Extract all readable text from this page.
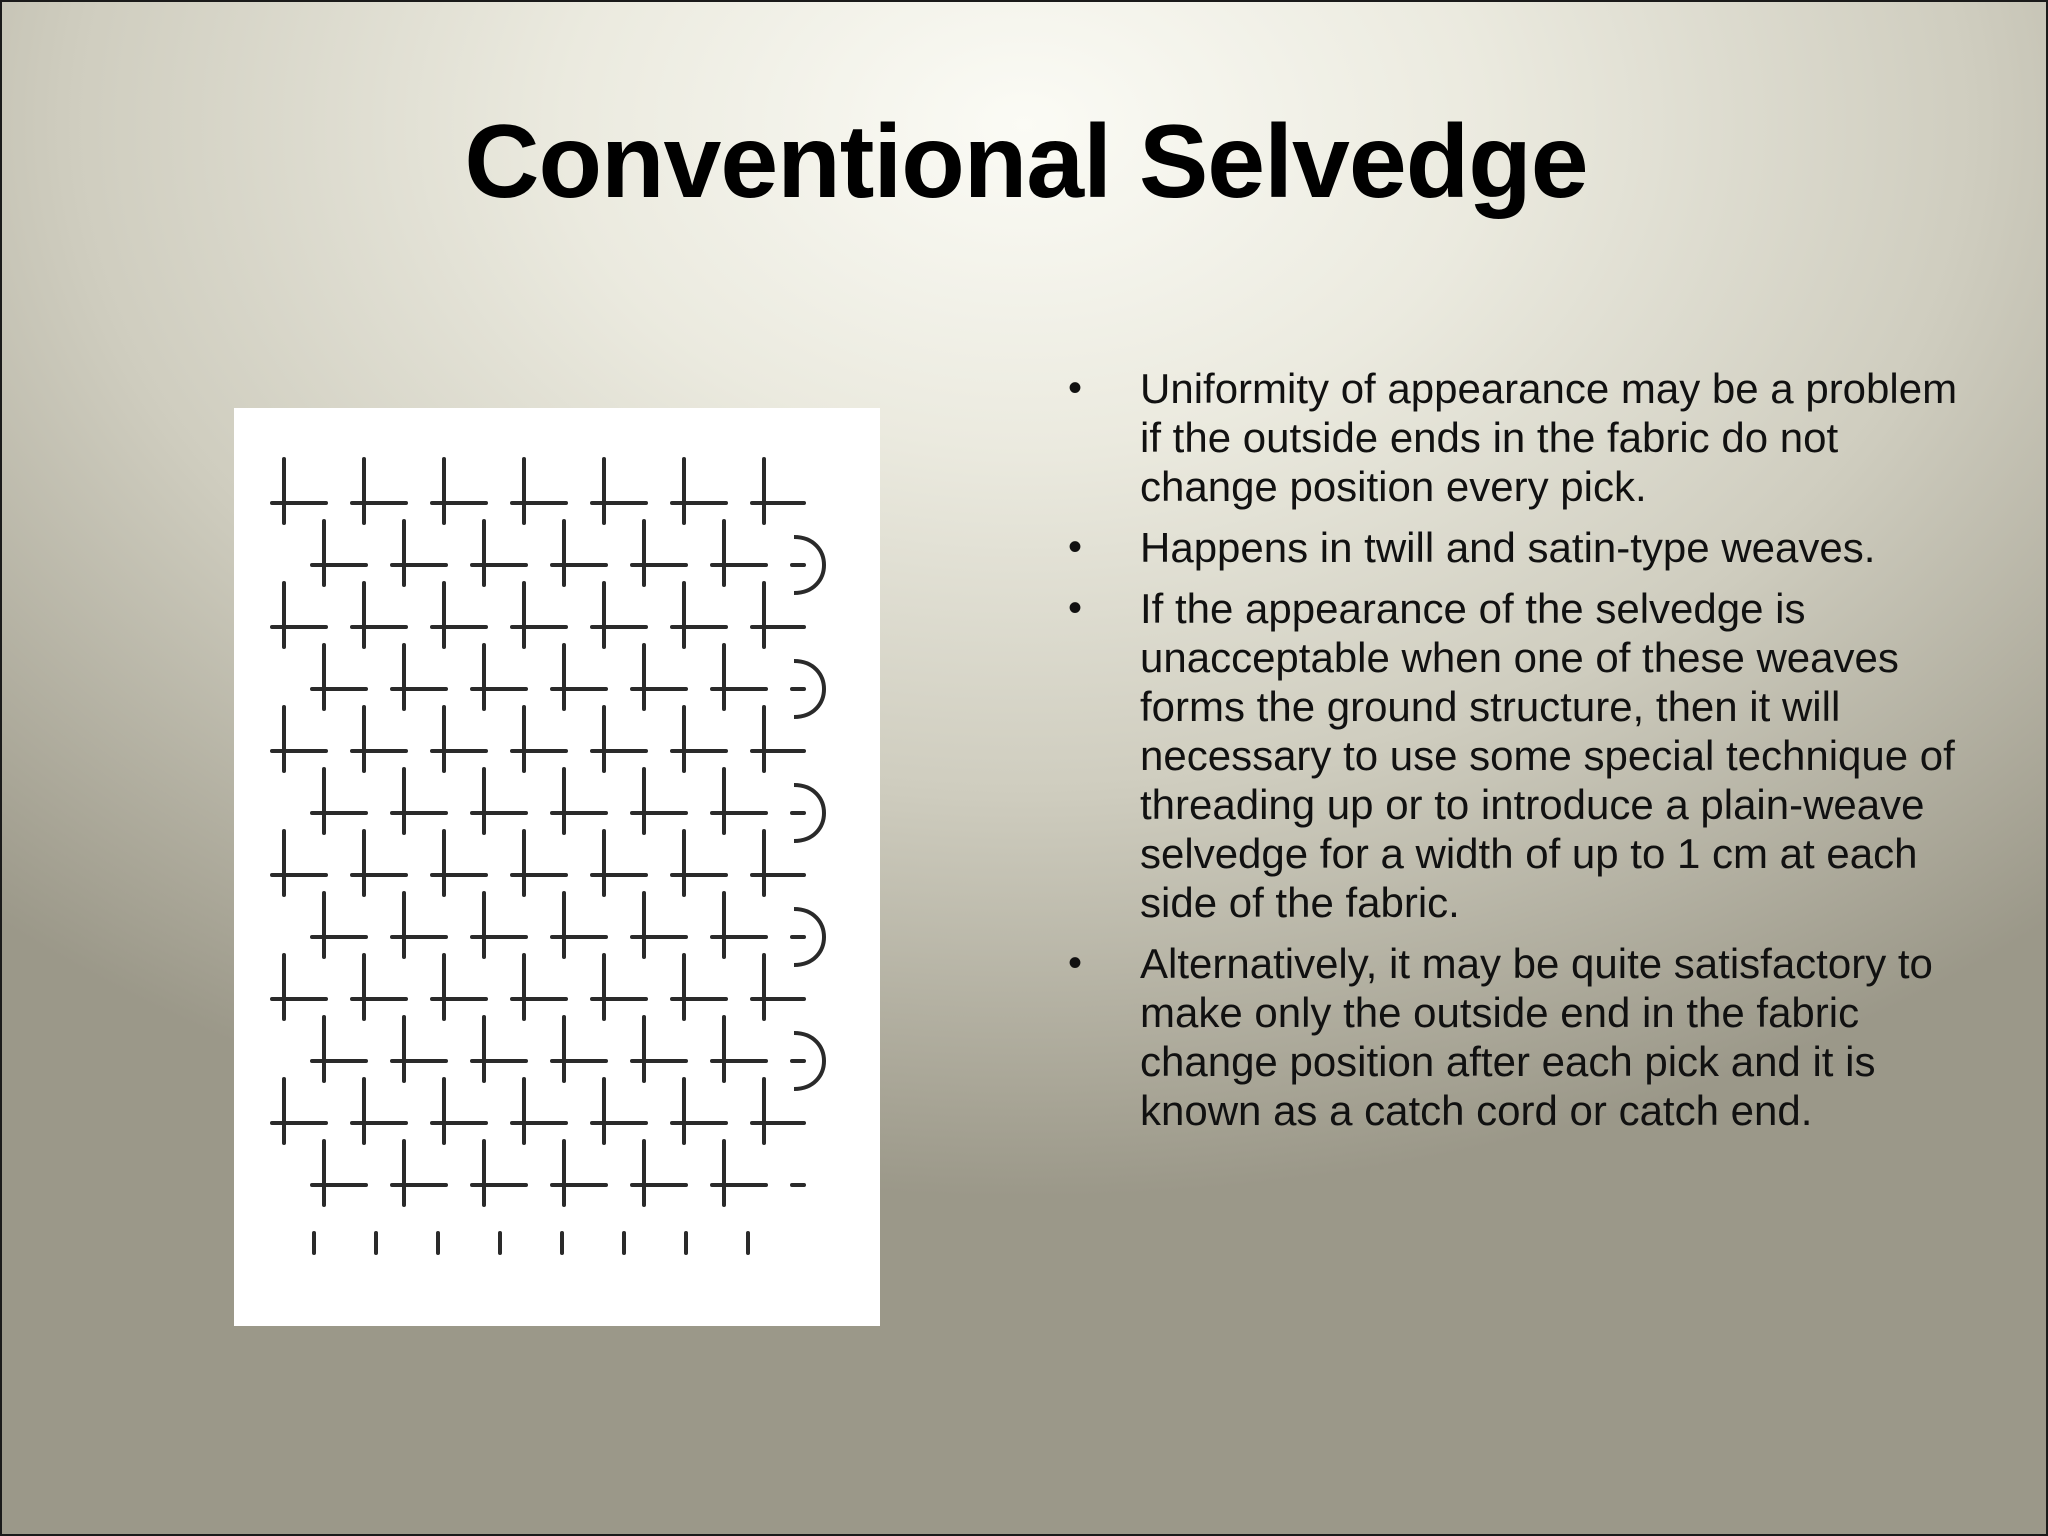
Conventional Selvedge
• Uniformity of appearance may be a problem if the outside ends in the fabric do not change position every pick.
• Happens in twill and satin-type weaves.
• If the appearance of the selvedge is unacceptable when one of these weaves forms the ground structure, then it will necessary to use some special technique of threading up or to introduce a plain-weave selvedge for a width of up to 1 cm at each side of the fabric.
• Alternatively, it may be quite satisfactory to make only the outside end in the fabric change position after each pick and it is known as a catch cord or catch end.
